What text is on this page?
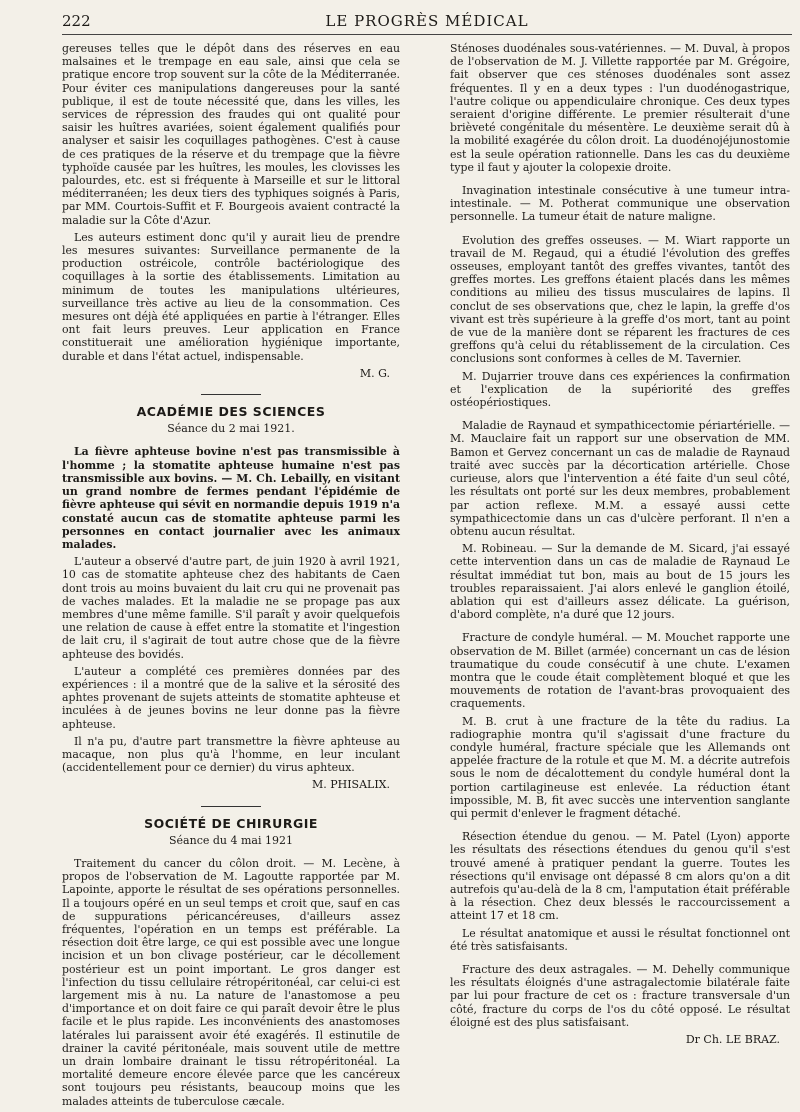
222	LE PROGRÈS MÉDICAL

gereuses telles que le dépôt dans des réserves en eau malsaines et le trempage en eau sale, ainsi que cela se pratique encore trop souvent sur la côte de la Méditerranée. Pour éviter ces manipulations dangereuses pour la santé publique, il est de toute nécessité que, dans les villes, les services de répression des fraudes qui ont qualité pour saisir les huîtres avariées, soient également qualifiés pour analyser et saisir les coquillages pathogènes. C'est à cause de ces pratiques de la réserve et du trempage que la fièvre typhoïde causée par les huîtres, les moules, les clovisses les palourdes, etc. est si fréquente à Marseille et sur le littoral méditerranéen; les deux tiers des typhiques soignés à Paris, par MM. Courtois-Suffit et F. Bourgeois avaient contracté la maladie sur la Côte d'Azur.

Les auteurs estiment donc qu'il y aurait lieu de prendre les mesures suivantes: Surveillance permanente de la production ostréicole, contrôle bactériologique des coquillages à la sortie des établissements. Limitation au minimum de toutes les manipulations ultérieures, surveillance très active au lieu de la consommation. Ces mesures ont déjà été appliquées en partie à l'étranger. Elles ont fait leurs preuves. Leur application en France constituerait une amélioration hygiénique importante, durable et dans l'état actuel, indispensable.

M. G.
ACADÉMIE DES SCIENCES
Séance du 2 mai 1921.

La fièvre aphteuse bovine n'est pas transmissible à l'homme ; la stomatite aphteuse humaine n'est pas transmissible aux bovins. — M. Ch. Lebailly, en visitant un grand nombre de fermes pendant l'épidémie de fièvre aphteuse qui sévit en normandie depuis 1919 n'a constaté aucun cas de stomatite aphteuse parmi les personnes en contact journalier avec les animaux malades.

L'auteur a observé d'autre part, de juin 1920 à avril 1921, 10 cas de stomatite aphteuse chez des habitants de Caen dont trois au moins buvaient du lait cru qui ne provenait pas de vaches malades. Et la maladie ne se propage pas aux membres d'une même famille. S'il paraît y avoir quelquefois une relation de cause à effet entre la stomatite et l'ingestion de lait cru, il s'agirait de tout autre chose que de la fièvre aphteuse des bovidés.

L'auteur a complété ces premières données par des expériences : il a montré que de la salive et la sérosité des aphtes provenant de sujets atteints de stomatite aphteuse et inculées à de jeunes bovins ne leur donne pas la fièvre aphteuse.

Il n'a pu, d'autre part transmettre la fièvre aphteuse au macaque, non plus qu'à l'homme, en leur inculant (accidentellement pour ce dernier) du virus aphteux.

M. PHISALIX.
SOCIÉTÉ DE CHIRURGIE
Séance du 4 mai 1921

Traitement du cancer du côlon droit. — M. Lecène, à propos de l'observation de M. Lagoutte rapportée par M. Lapointe, apporte le résultat de ses opérations personnelles. Il a toujours opéré en un seul temps et croit que, sauf en cas de suppurations péricancéreuses, d'ailleurs assez fréquentes, l'opération en un temps est préférable. La résection doit être large, ce qui est possible avec une longue incision et un bon clivage postérieur, car le décollement postérieur est un point important. Le gros danger est l'infection du tissu cellulaire rétropéritonéal, car celui-ci est largement mis à nu. La nature de l'anastomose a peu d'importance et on doit faire ce qui paraît devoir être le plus facile et le plus rapide. Les inconvénients des anastomoses latérales lui paraissent avoir été exagérés. Il estinutile de drainer la cavité péritonéale, mais souvent utile de mettre un drain lombaire drainant le tissu rétropéritonéal. La mortalité demeure encore élevée parce que les cancéreux sont toujours peu résistants, beaucoup moins que les malades atteints de tuberculose cæcale.

Sténoses duodénales sous-vatériennes. — M. Duval, à propos de l'observation de M. J. Villette rapportée par M. Grégoire, fait observer que ces sténoses duodénales sont assez fréquentes. Il y en a deux types : l'un duodénogastrique, l'autre colique ou appendiculaire chronique. Ces deux types seraient d'origine différente. Le premier résulterait d'une brièveté congénitale du mésentère. Le deuxième serait dû à la mobilité exagérée du côlon droit. La duodénojéjunostomie est la seule opération rationnelle. Dans les cas du deuxième type il faut y ajouter la colopexie droite.

Invagination intestinale consécutive à une tumeur intra-intestinale. — M. Potherat communique une observation personnelle. La tumeur était de nature maligne.

Evolution des greffes osseuses. — M. Wiart rapporte un travail de M. Regaud, qui a étudié l'évolution des greffes osseuses, employant tantôt des greffes vivantes, tantôt des greffes mortes. Les greffons étaient placés dans les mêmes conditions au milieu des tissus musculaires de lapins. Il conclut de ses observations que, chez le lapin, la greffe d'os vivant est très supérieure à la greffe d'os mort, tant au point de vue de la manière dont se réparent les fractures de ces greffons qu'à celui du rétablissement de la circulation. Ces conclusions sont conformes à celles de M. Tavernier.

M. Dujarrier trouve dans ces expériences la confirmation et l'explication de la supériorité des greffes ostéopériostiques.

Maladie de Raynaud et sympathicectomie périartérielle. — M. Mauclaire fait un rapport sur une observation de MM. Bamon et Gervez concernant un cas de maladie de Raynaud traité avec succès par la décortication artérielle. Chose curieuse, alors que l'intervention a été faite d'un seul côté, les résultats ont porté sur les deux membres, probablement par action reflexe. M.M. a essayé aussi cette sympathicectomie dans un cas d'ulcère perforant. Il n'en a obtenu aucun résultat.

M. Robineau. — Sur la demande de M. Sicard, j'ai essayé cette intervention dans un cas de maladie de Raynaud Le résultat immédiat tut bon, mais au bout de 15 jours les troubles reparaissaient. J'ai alors enlevé le ganglion étoilé, ablation qui est d'ailleurs assez délicate. La guérison, d'abord complète, n'a duré que 12 jours.

Fracture de condyle huméral. — M. Mouchet rapporte une observation de M. Billet (armée) concernant un cas de lésion traumatique du coude consécutif à une chute. L'examen montra que le coude était complètement bloqué et que les mouvements de rotation de l'avant-bras provoquaient des craquements.

M. B. crut à une fracture de la tête du radius. La radiographie montra qu'il s'agissait d'une fracture du condyle huméral, fracture spéciale que les Allemands ont appelée fracture de la rotule et que M. M. a décrite autrefois sous le nom de décalottement du condyle huméral dont la portion cartilagineuse est enlevée. La réduction étant impossible, M. B, fit avec succès une intervention sanglante qui permit d'enlever le fragment détaché.

Résection étendue du genou. — M. Patel (Lyon) apporte les résultats des résections étendues du genou qu'il s'est trouvé amené à pratiquer pendant la guerre. Toutes les résections qu'il envisage ont dépassé 8 cm alors qu'on a dit autrefois qu'au-delà de la 8 cm, l'amputation était préférable à la résection. Chez deux blessés le raccourcissement a atteint 17 et 18 cm.

Le résultat anatomique et aussi le résultat fonctionnel ont été très satisfaisants.

Fracture des deux astragales. — M. Dehelly communique les résultats éloignés d'une astragalectomie bilatérale faite par lui pour fracture de cet os : fracture transversale d'un côté, fracture du corps de l'os du côté opposé. Le résultat éloigné est des plus satisfaisant.

Dr Ch. LE BRAZ.
